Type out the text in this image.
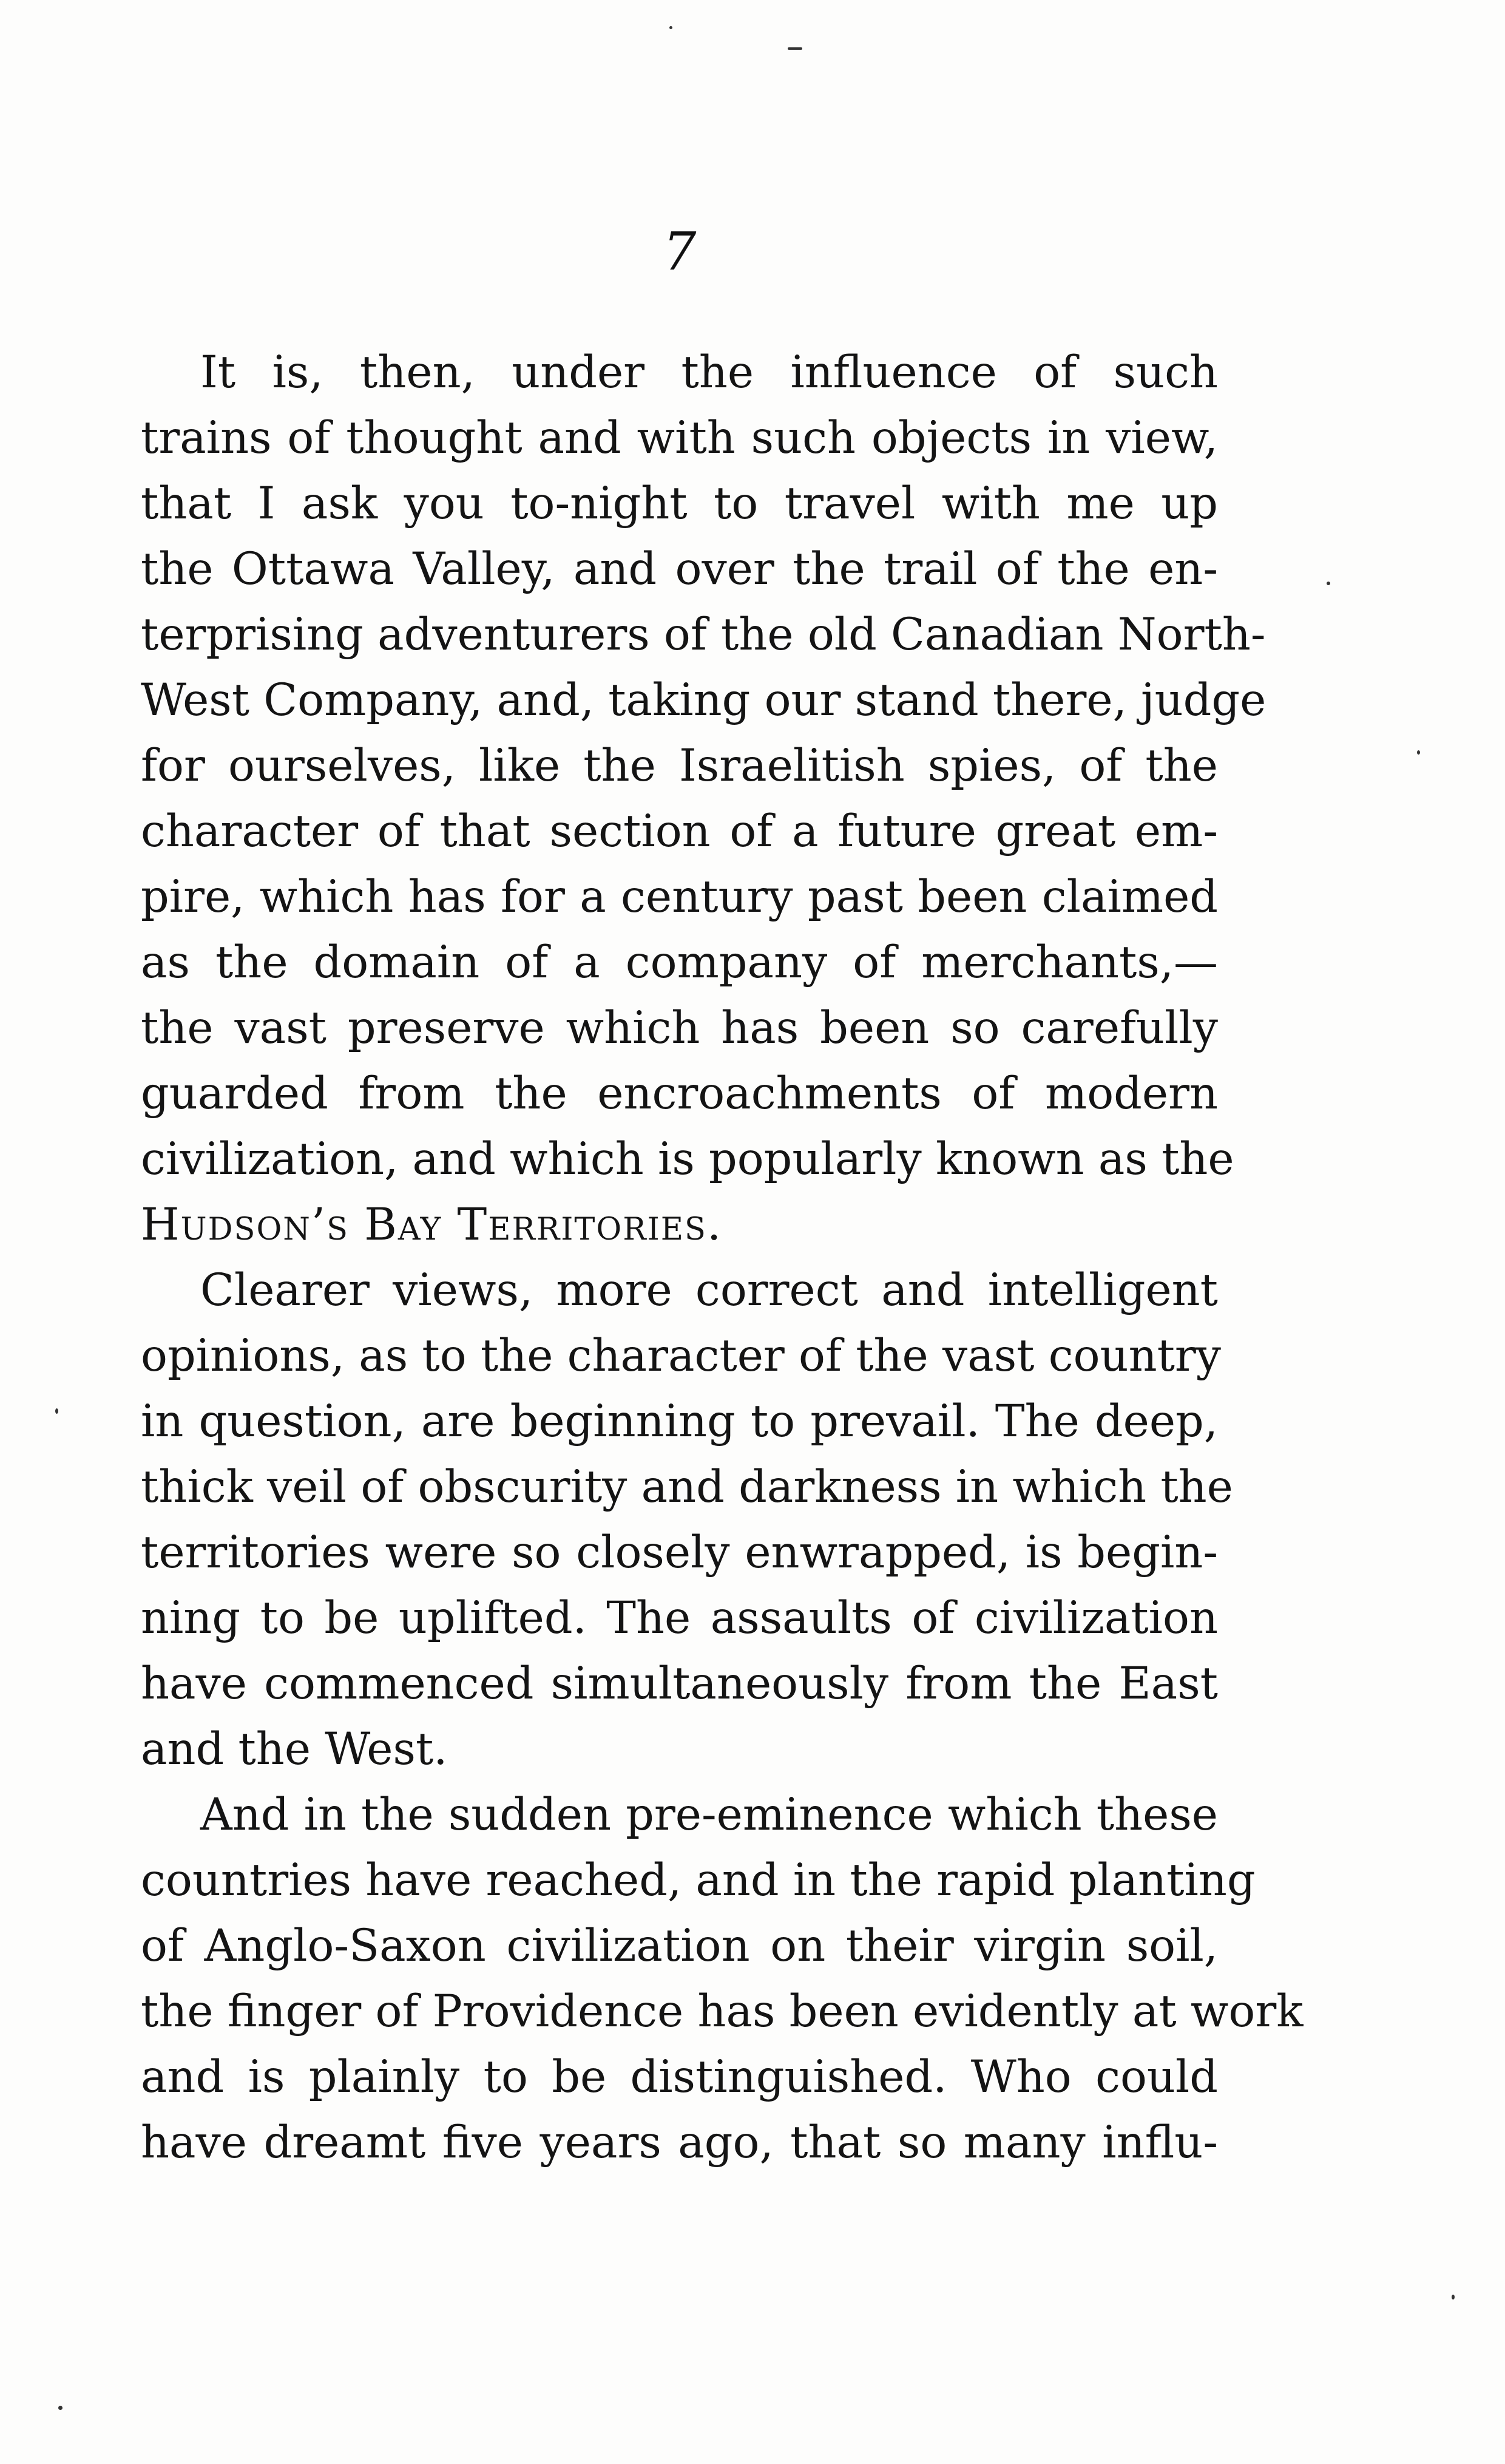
7
It is, then, under the influence of such
trains of thought and with such objects in view,
that I ask you to-night to travel with me up
the Ottawa Valley, and over the trail of the en-
terprising adventurers of the old Canadian North-
West Company, and, taking our stand there, judge
for ourselves, like the Israelitish spies, of the
character of that section of a future great em-
pire, which has for a century past been claimed
as the domain of a company of merchants,—
the vast preserve which has been so carefully
guarded from the encroachments of modern
civilization, and which is popularly known as the
Hudson’s Bay Territories.
Clearer views, more correct and intelligent
opinions, as to the character of the vast country
in question, are beginning to prevail. The deep,
thick veil of obscurity and darkness in which the
territories were so closely enwrapped, is begin-
ning to be uplifted. The assaults of civilization
have commenced simultaneously from the East
and the West.
And in the sudden pre-eminence which these
countries have reached, and in the rapid planting
of Anglo-Saxon civilization on their virgin soil,
the finger of Providence has been evidently at work
and is plainly to be distinguished. Who could
have dreamt five years ago, that so many influ-
